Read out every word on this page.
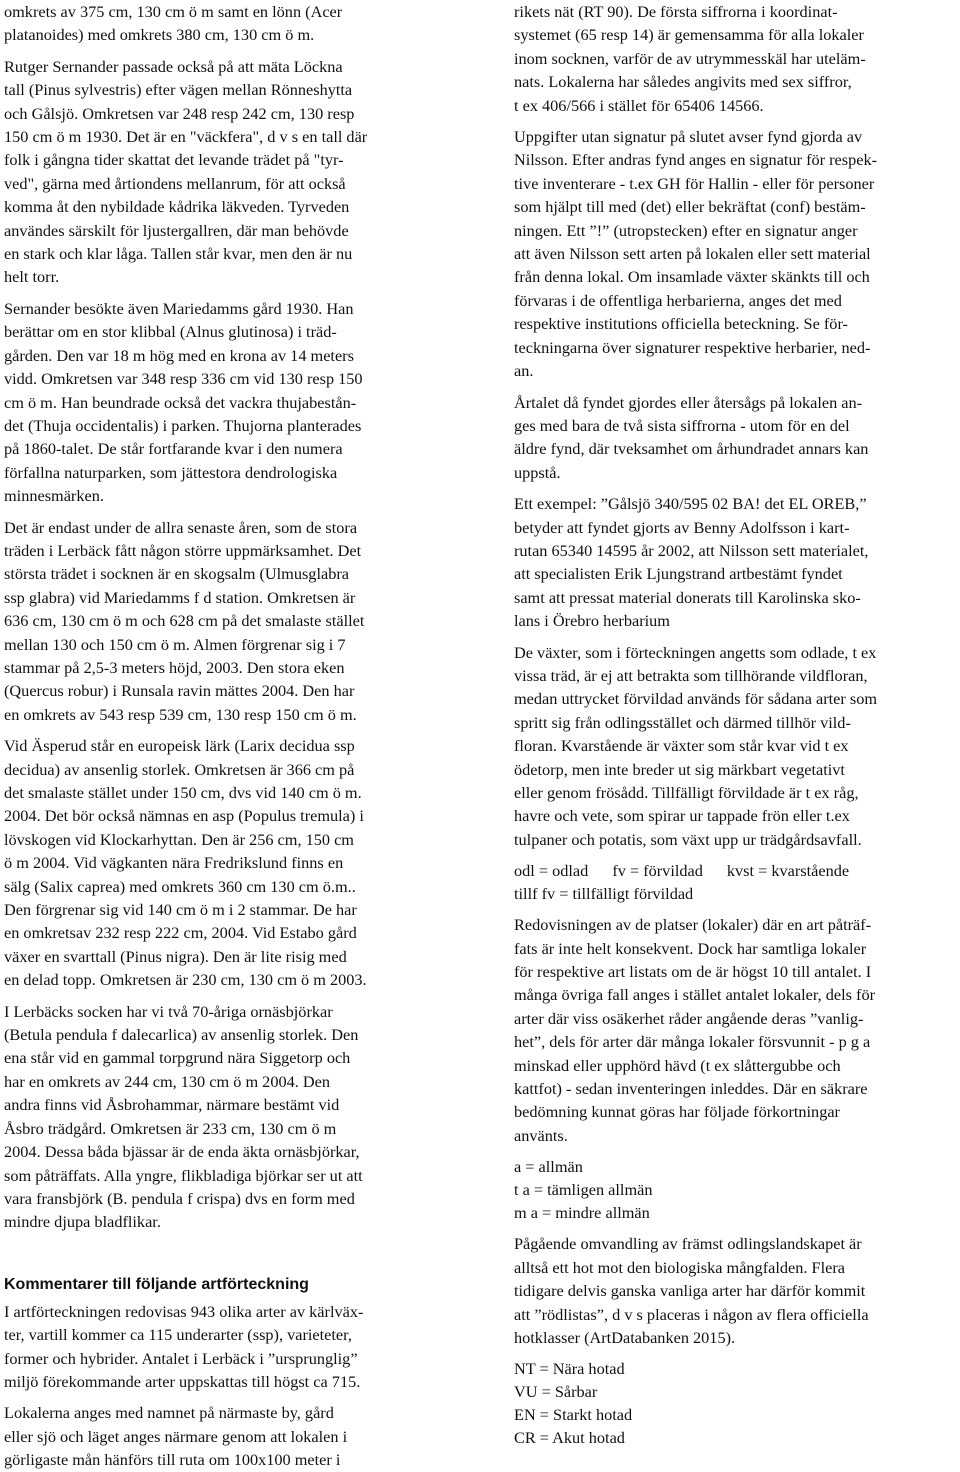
omkrets av 375 cm, 130 cm ö m samt en lönn (Acer
platanoides) med omkrets 380 cm, 130 cm ö m.

Rutger Sernander passade också på att mäta Löckna
tall (Pinus sylvestris) efter vägen mellan Rönneshytta
och Gålsjö. Omkretsen var 248 resp 242 cm, 130 resp
150 cm ö m 1930. Det är en "väckfera", d v s en tall där
folk i gångna tider skattat det levande trädet på "tyr-
ved", gärna med årtiondens mellanrum, för att också
komma åt den nybildade kådrika läkveden. Tyrveden
användes särskilt för ljustergallren, där man behövde
en stark och klar låga. Tallen står kvar, men den är nu
helt torr.

Sernander besökte även Mariedamms gård 1930. Han
berättar om en stor klibbal (Alnus glutinosa) i träd-
gården. Den var 18 m hög med en krona av 14 meters
vidd. Omkretsen var 348 resp 336 cm vid 130 resp 150
cm ö m. Han beundrade också det vackra thujabestån-
det (Thuja occidentalis) i parken. Thujorna planterades
på 1860-talet. De står fortfarande kvar i den numera
förfallna naturparken, som jättestora dendrologiska
minnesmärken.

Det är endast under de allra senaste åren, som de stora
träden i Lerbäck fått någon större uppmärksamhet. Det
största trädet i socknen är en skogsalm (Ulmusglabra
ssp glabra) vid Mariedamms f d station. Omkretsen är
636 cm, 130 cm ö m och 628 cm på det smalaste stället
mellan 130 och 150 cm ö m. Almen förgrenar sig i 7
stammar på 2,5-3 meters höjd, 2003. Den stora eken
(Quercus robur) i Runsala ravin mättes 2004. Den har
en omkrets av 543 resp 539 cm, 130 resp 150 cm ö m.

Vid Äsperud står en europeisk lärk (Larix decidua ssp
decidua) av ansenlig storlek. Omkretsen är 366 cm på
det smalaste stället under 150 cm, dvs vid 140 cm ö m.
2004. Det bör också nämnas en asp (Populus tremula) i
lövskogen vid Klockarhyttan. Den är 256 cm, 150 cm
ö m 2004. Vid vägkanten nära Fredrikslund finns en
sälg (Salix caprea) med omkrets 360 cm 130 cm ö.m..
Den förgrenar sig vid 140 cm ö m i 2 stammar. De har
en omkretsav 232 resp 222 cm, 2004. Vid Estabo gård
växer en svarttall (Pinus nigra). Den är lite risig med
en delad topp. Omkretsen är 230 cm, 130 cm ö m 2003.

I Lerbäcks socken har vi två 70-åriga ornäsbjörkar
(Betula pendula f dalecarlica) av ansenlig storlek. Den
ena står vid en gammal torpgrund nära Siggetorp och
har en omkrets av 244 cm, 130 cm ö m 2004. Den
andra finns vid Åsbrohammar, närmare bestämt vid
Åsbro trädgård. Omkretsen är 233 cm, 130 cm ö m
2004. Dessa båda bjässar är de enda äkta ornäsbjörkar,
som påträffats. Alla yngre, flikbladiga björkar ser ut att
vara fransbjörk (B. pendula f crispa) dvs en form med
mindre djupa bladflikar.

Kommentarer till följande artförteckning

I artförteckningen redovisas 943 olika arter av kärlväx-
ter, vartill kommer ca 115 underarter (ssp), varieteter,
former och hybrider. Antalet i Lerbäck i ”ursprunglig”
miljö förekommande arter uppskattas till högst ca 715.

Lokalerna anges med namnet på närmaste by, gård
eller sjö och läget anges närmare genom att lokalen i
görligaste mån hänförs till ruta om 100x100 meter i

rikets nät (RT 90). De första siffrorna i koordinat-
systemet (65 resp 14) är gemensamma för alla lokaler
inom socknen, varför de av utrymmesskäl har uteläm-
nats. Lokalerna har således angivits med sex siffror,
t ex 406/566 i stället för 65406 14566.

Uppgifter utan signatur på slutet avser fynd gjorda av
Nilsson. Efter andras fynd anges en signatur för respek-
tive inventerare - t.ex GH för Hallin - eller för personer
som hjälpt till med (det) eller bekräftat (conf) bestäm-
ningen. Ett ”!” (utropstecken) efter en signatur anger
att även Nilsson sett arten på lokalen eller sett material
från denna lokal. Om insamlade växter skänkts till och
förvaras i de offentliga herbarierna, anges det med
respektive institutions officiella beteckning. Se för-
teckningarna över signaturer respektive herbarier, ned-
an.

Årtalet då fyndet gjordes eller återsågs på lokalen an-
ges med bara de två sista siffrorna - utom för en del
äldre fynd, där tveksamhet om århundradet annars kan
uppstå.

Ett exempel: ”Gålsjö 340/595 02 BA! det EL OREB,”
betyder att fyndet gjorts av Benny Adolfsson i kart-
rutan 65340 14595 år 2002, att Nilsson sett materialet,
att specialisten Erik Ljungstrand artbestämt fyndet
samt att pressat material donerats till Karolinska sko-
lans i Örebro herbarium

De växter, som i förteckningen angetts som odlade, t ex
vissa träd, är ej att betrakta som tillhörande vildfloran,
medan uttrycket förvildad används för sådana arter som
spritt sig från odlingsstället och därmed tillhör vild-
floran. Kvarstående är växter som står kvar vid t ex
ödetorp, men inte breder ut sig märkbart vegetativt
eller genom frösådd. Tillfälligt förvildade är t ex råg,
havre och vete, som spirar ur tappade frön eller t.ex
tulpaner och potatis, som växt upp ur trädgårdsavfall.

odl = odlad fv = förvildad kvst = kvarstående
tillf fv = tillfälligt förvildad

Redovisningen av de platser (lokaler) där en art påträf-
fats är inte helt konsekvent. Dock har samtliga lokaler
för respektive art listats om de är högst 10 till antalet. I
många övriga fall anges i stället antalet lokaler, dels för
arter där viss osäkerhet råder angående deras ”vanlig-
het”, dels för arter där många lokaler försvunnit - p g a
minskad eller upphörd hävd (t ex slåttergubbe och
kattfot) - sedan inventeringen inleddes. Där en säkrare
bedömning kunnat göras har följade förkortningar
använts.

a = allmän
t a = tämligen allmän
m a = mindre allmän

Pågående omvandling av främst odlingslandskapet är
alltså ett hot mot den biologiska mångfalden. Flera
tidigare delvis ganska vanliga arter har därför kommit
att ”rödlistas”, d v s placeras i någon av flera officiella
hotklasser (ArtDatabanken 2015).

NT = Nära hotad
VU = Sårbar
EN = Starkt hotad
CR = Akut hotad
